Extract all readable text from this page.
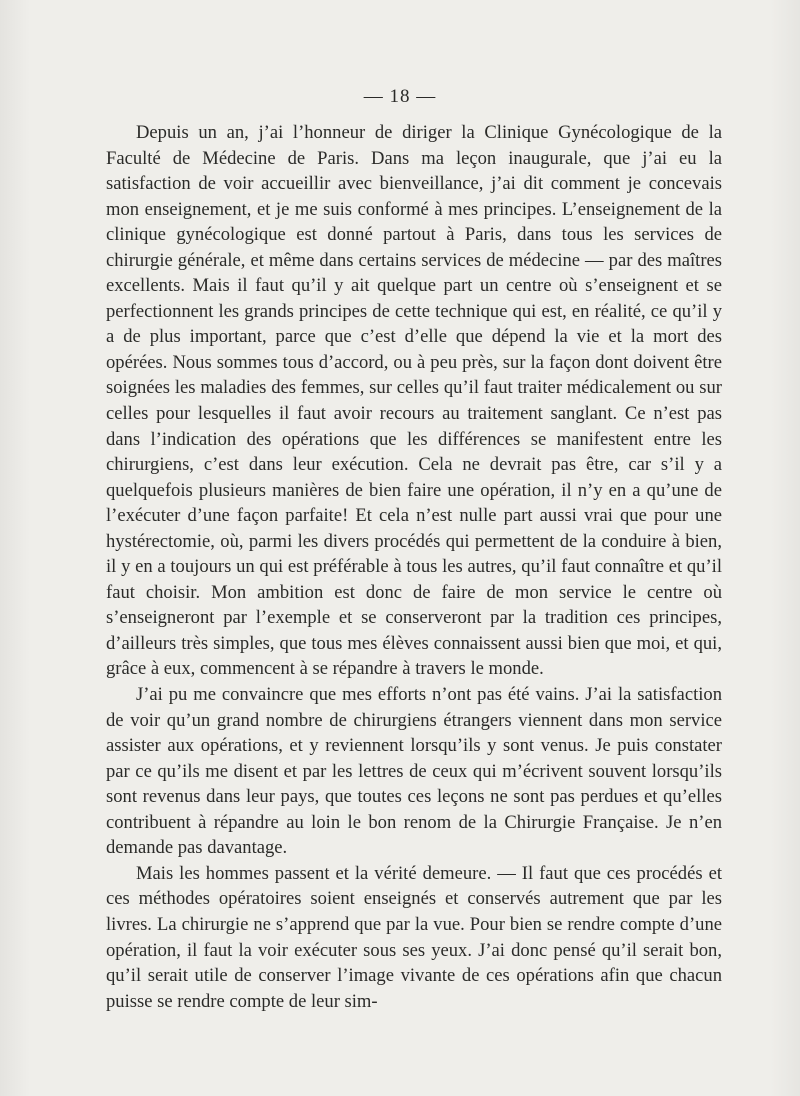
— 18 —

Depuis un an, j’ai l’honneur de diriger la Clinique Gynécologique de la Faculté de Médecine de Paris. Dans ma leçon inaugurale, que j’ai eu la satisfaction de voir accueillir avec bienveillance, j’ai dit comment je concevais mon enseignement, et je me suis conformé à mes principes. L’enseignement de la clinique gynécologique est donné partout à Paris, dans tous les services de chirurgie générale, et même dans certains services de médecine — par des maîtres excellents. Mais il faut qu’il y ait quelque part un centre où s’enseignent et se perfectionnent les grands principes de cette technique qui est, en réalité, ce qu’il y a de plus important, parce que c’est d’elle que dépend la vie et la mort des opérées. Nous sommes tous d’accord, ou à peu près, sur la façon dont doivent être soignées les maladies des femmes, sur celles qu’il faut traiter médicalement ou sur celles pour lesquelles il faut avoir recours au traitement sanglant. Ce n’est pas dans l’indication des opérations que les différences se manifestent entre les chirurgiens, c’est dans leur exécution. Cela ne devrait pas être, car s’il y a quelquefois plusieurs manières de bien faire une opération, il n’y en a qu’une de l’exécuter d’une façon parfaite! Et cela n’est nulle part aussi vrai que pour une hystérectomie, où, parmi les divers procédés qui permettent de la conduire à bien, il y en a toujours un qui est préférable à tous les autres, qu’il faut connaître et qu’il faut choisir. Mon ambition est donc de faire de mon service le centre où s’enseigneront par l’exemple et se conserveront par la tradition ces principes, d’ailleurs très simples, que tous mes élèves connaissent aussi bien que moi, et qui, grâce à eux, commencent à se répandre à travers le monde.

J’ai pu me convaincre que mes efforts n’ont pas été vains. J’ai la satisfaction de voir qu’un grand nombre de chirurgiens étrangers viennent dans mon service assister aux opérations, et y reviennent lorsqu’ils y sont venus. Je puis constater par ce qu’ils me disent et par les lettres de ceux qui m’écrivent souvent lorsqu’ils sont revenus dans leur pays, que toutes ces leçons ne sont pas perdues et qu’elles contribuent à répandre au loin le bon renom de la Chirurgie Française. Je n’en demande pas davantage.

Mais les hommes passent et la vérité demeure. — Il faut que ces procédés et ces méthodes opératoires soient enseignés et conservés autrement que par les livres. La chirurgie ne s’apprend que par la vue. Pour bien se rendre compte d’une opération, il faut la voir exécuter sous ses yeux. J’ai donc pensé qu’il serait bon, qu’il serait utile de conserver l’image vivante de ces opérations afin que chacun puisse se rendre compte de leur sim-
